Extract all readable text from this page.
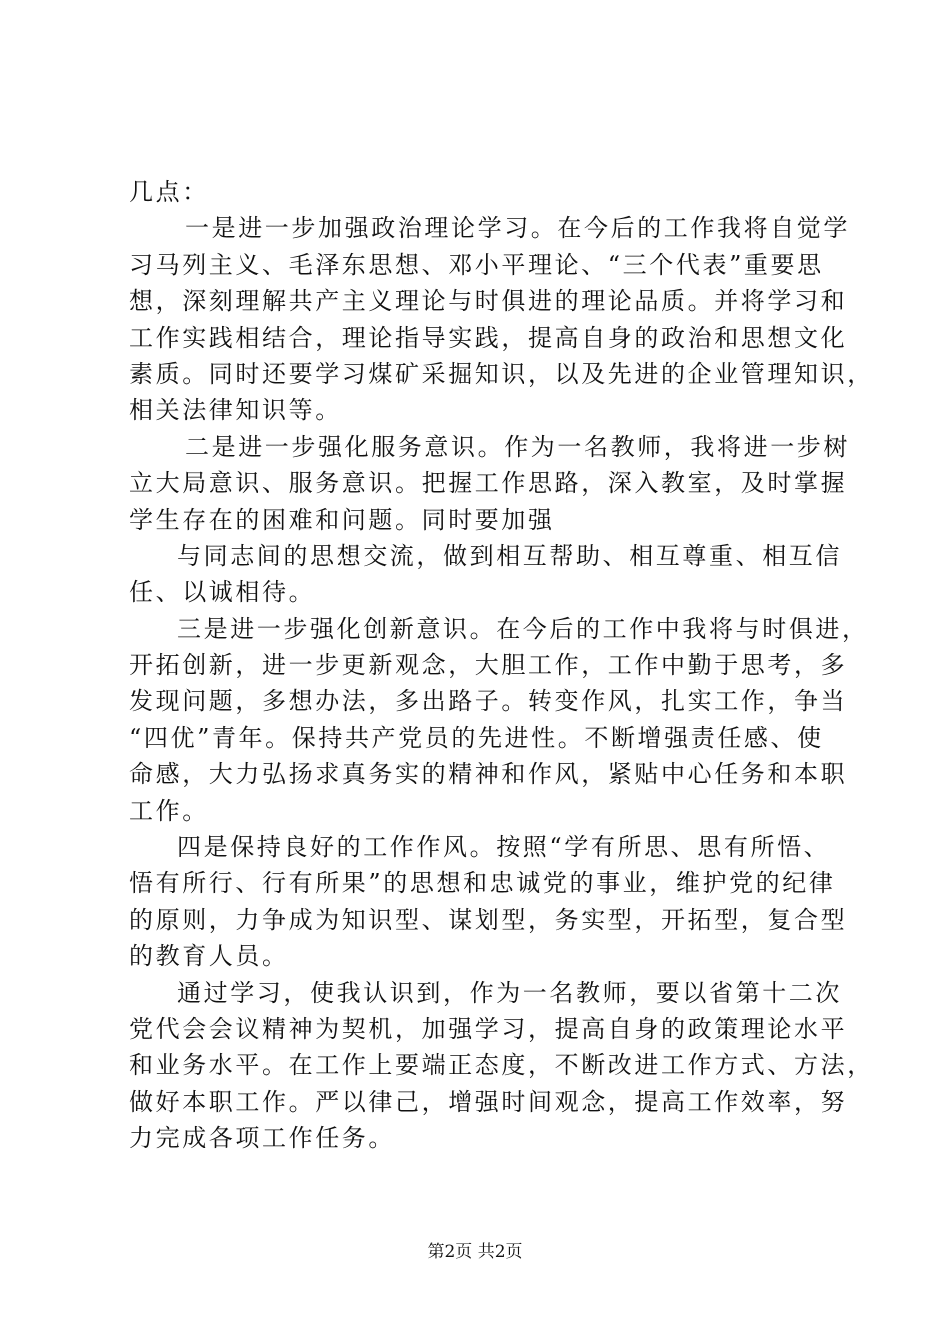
几点：
一是进一步加强政治理论学习。在今后的工作我将自觉学
习马列主义、毛泽东思想、邓小平理论、“三个代表”重要思
想，深刻理解共产主义理论与时俱进的理论品质。并将学习和
工作实践相结合，理论指导实践，提高自身的政治和思想文化
素质。同时还要学习煤矿采掘知识，以及先进的企业管理知识，
相关法律知识等。
二是进一步强化服务意识。作为一名教师，我将进一步树
立大局意识、服务意识。把握工作思路，深入教室，及时掌握
学生存在的困难和问题。同时要加强
与同志间的思想交流，做到相互帮助、相互尊重、相互信
任、以诚相待。
三是进一步强化创新意识。在今后的工作中我将与时俱进，
开拓创新，进一步更新观念，大胆工作，工作中勤于思考，多
发现问题，多想办法，多出路子。转变作风，扎实工作，争当
“四优”青年。保持共产党员的先进性。不断增强责任感、使
命感，大力弘扬求真务实的精神和作风，紧贴中心任务和本职
工作。
四是保持良好的工作作风。按照“学有所思、思有所悟、
悟有所行、行有所果”的思想和忠诚党的事业，维护党的纪律
的原则，力争成为知识型、谋划型，务实型，开拓型，复合型
的教育人员。
通过学习，使我认识到，作为一名教师，要以省第十二次
党代会会议精神为契机，加强学习，提高自身的政策理论水平
和业务水平。在工作上要端正态度，不断改进工作方式、方法，
做好本职工作。严以律己，增强时间观念，提高工作效率，努
力完成各项工作任务。
第2页 共2页
